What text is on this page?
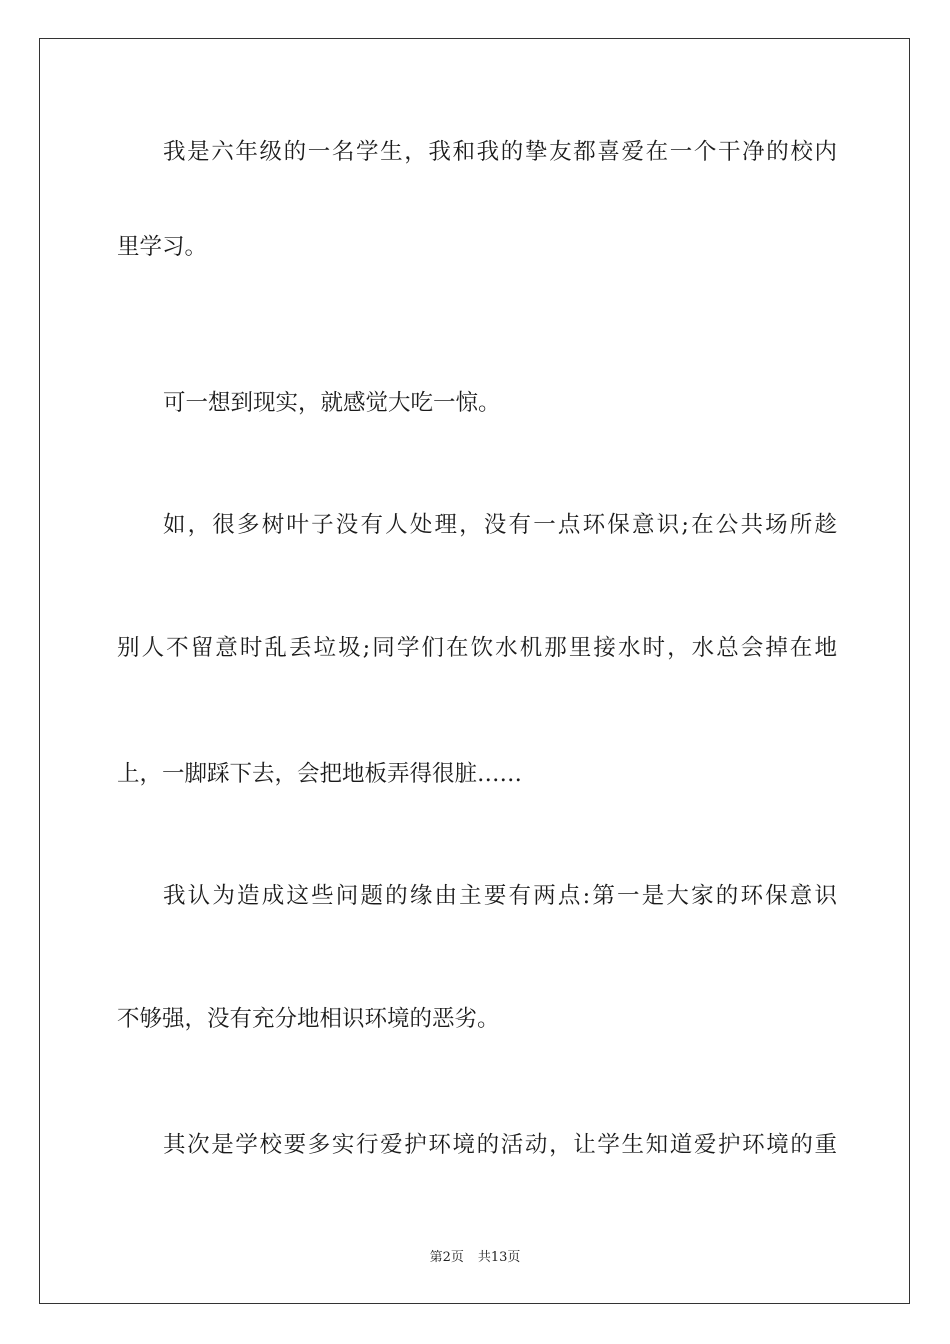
我是六年级的一名学生，我和我的挚友都喜爱在一个干净的校内
里学习。
可一想到现实，就感觉大吃一惊。
如，很多树叶子没有人处理，没有一点环保意识;在公共场所趁
别人不留意时乱丢垃圾;同学们在饮水机那里接水时，水总会掉在地
上，一脚踩下去，会把地板弄得很脏……
我认为造成这些问题的缘由主要有两点:第一是大家的环保意识
不够强，没有充分地相识环境的恶劣。
其次是学校要多实行爱护环境的活动，让学生知道爱护环境的重
第2页 共13页
